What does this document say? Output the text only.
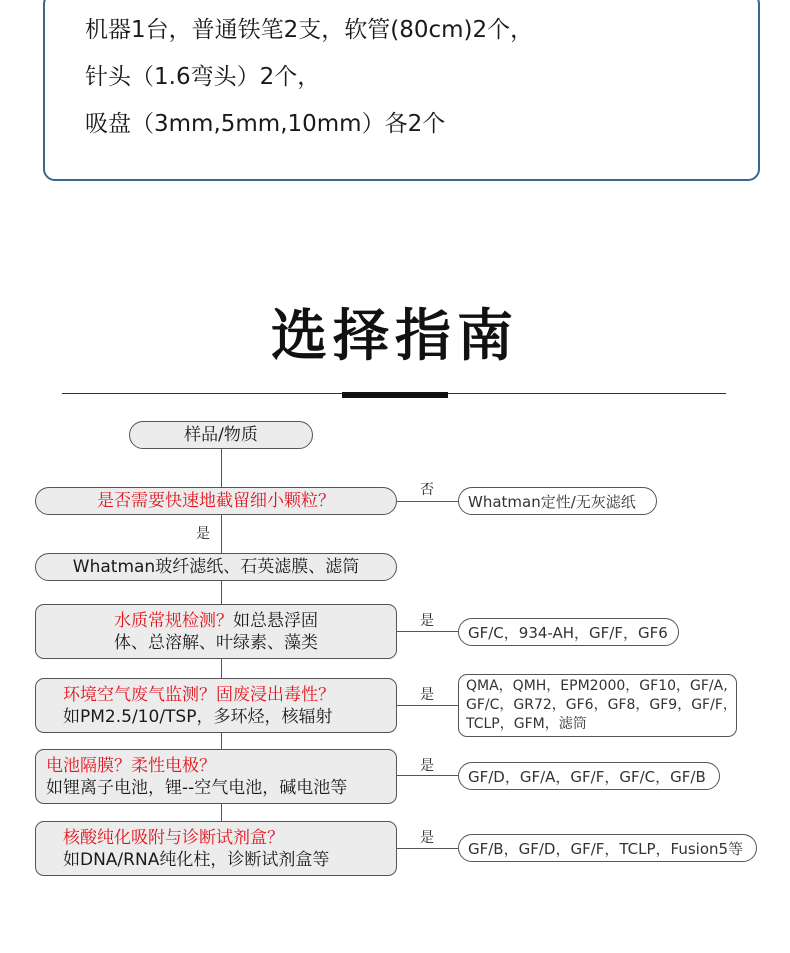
机器1台，普通铁笔2支，软管(80cm)2个，
针头（1.6弯头）2个，
吸盘（3mm,5mm,10mm）各2个
选择指南
否
是
是
是
是
是
样品/物质
是否需要快速地截留细小颗粒？	Whatman定性/无灰滤纸
Whatman玻纤滤纸、石英滤膜、滤筒
水质常规检测？如总悬浮固
体、总溶解、叶绿素、藻类
GF/C，934-AH，GF/F，GF6
环境空气废气监测？固废浸出毒性？
如PM2.5/10/TSP，多环烃，核辐射
QMA，QMH，EPM2000，GF10，GF/A,
GF/C，GR72，GF6，GF8，GF9，GF/F，
TCLP，GFM，滤筒
电池隔膜？柔性电极？
如锂离子电池，锂--空气电池，碱电池等
GF/D，GF/A，GF/F，GF/C，GF/B
核酸纯化吸附与诊断试剂盒？
如DNA/RNA纯化柱，诊断试剂盒等
GF/B，GF/D，GF/F，TCLP，Fusion5等
